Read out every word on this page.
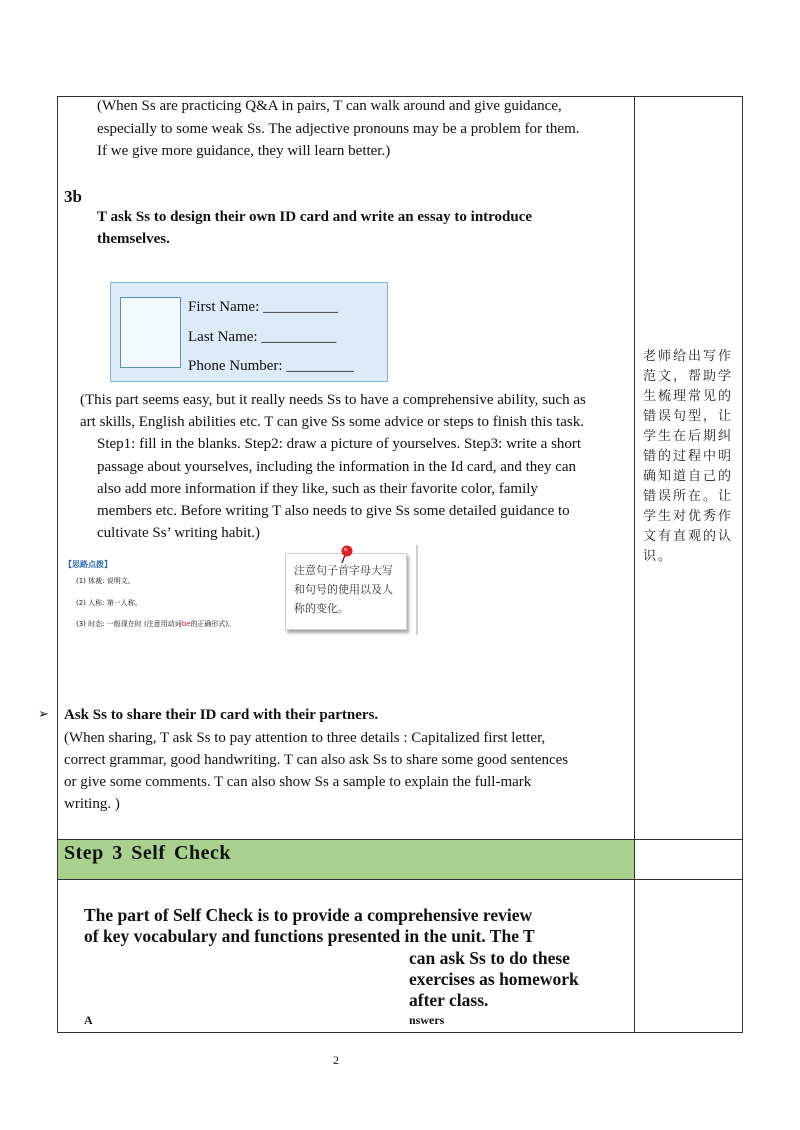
(When Ss are practicing Q&A in pairs, T can walk around and give guidance,
especially to some weak Ss. The adjective pronouns may be a problem for them.
If we give more guidance, they will learn better.)
3b
T ask Ss to design their own ID card and write an essay to introduce
themselves.
First Name: __________
Last Name: __________
Phone Number: _________
(This part seems easy, but it really needs Ss to have a comprehensive ability, such as
art skills, English abilities etc. T can give Ss some advice or steps to finish this task.
Step1: fill in the blanks. Step2: draw a picture of yourselves. Step3: write a short
passage about yourselves, including the information in the Id card, and they can
also add more information if they like, such as their favorite color, family
members etc. Before writing T also needs to give Ss some detailed guidance to
cultivate Ss’ writing habit.)
【思路点拨】
(1) 体裁: 说明文。
(2) 人称: 第一人称。
(3) 时态: 一般现在时 (注意用动词be的正确形式)。
注意句子首字母大写
和句号的使用以及人
称的变化。
➢ Ask Ss to share their ID card with their partners.
(When sharing, T ask Ss to pay attention to three details : Capitalized first letter,
correct grammar, good handwriting. T can also ask Ss to share some good sentences
or give some comments. T can also show Ss a sample to explain the full-mark
writing. )
老师给出写作
范文，帮助学
生梳理常见的
错误句型，让
学生在后期纠
错的过程中明
确知道自己的
错误所在。让
学生对优秀作
文有直观的认
识。
Step 3 Self Check
The part of Self Check is to provide a comprehensive review
of key vocabulary and functions presented in the unit. The T
can ask Ss to do these
exercises as homework
after class.
A	nswers
2
